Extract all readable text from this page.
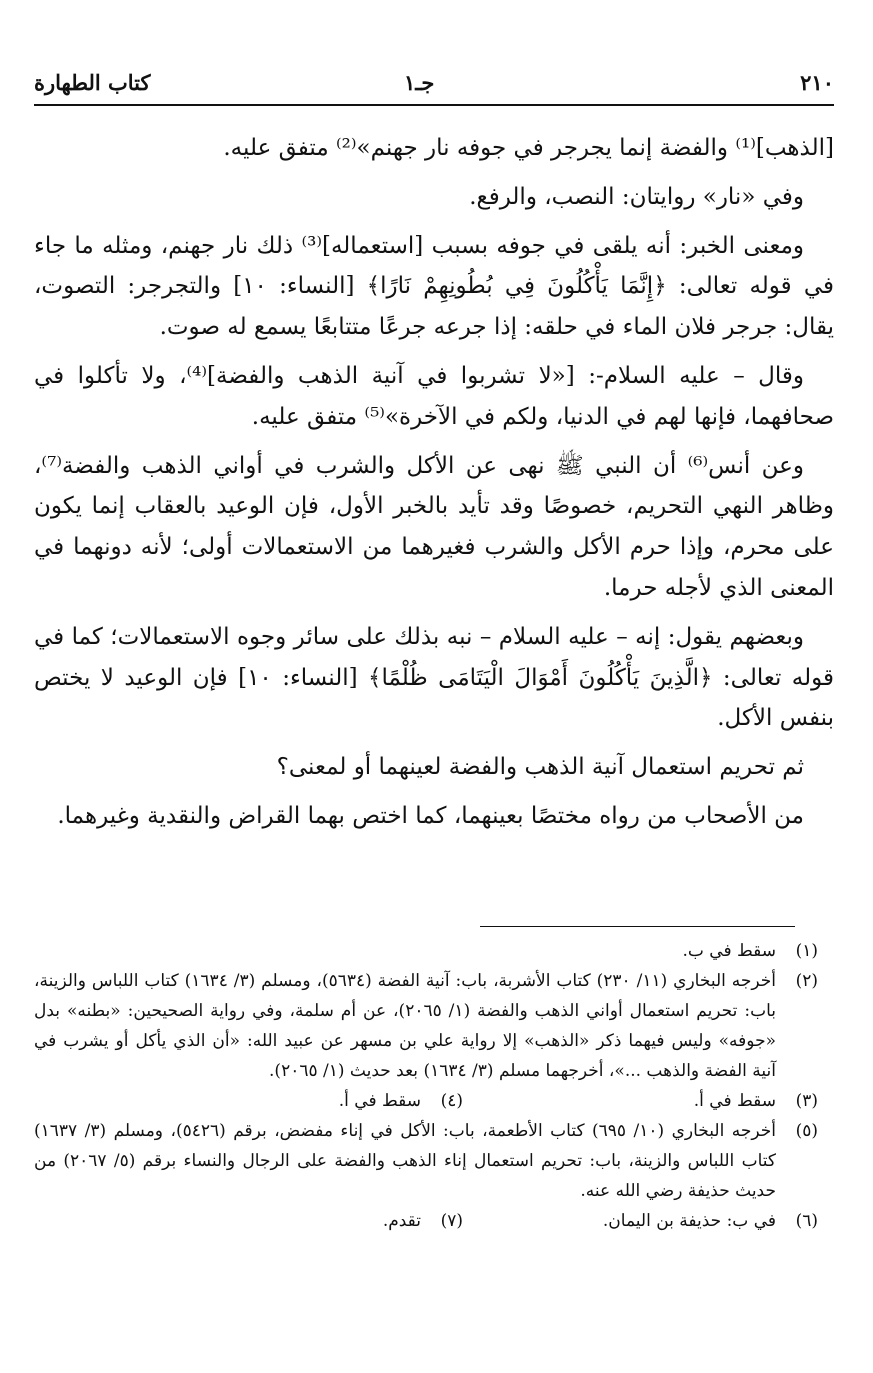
٢١٠
جـ١
كتاب الطهارة

[الذهب]⁽¹⁾ والفضة إنما يجرجر في جوفه نار جهنم»⁽²⁾ متفق عليه.

وفي «نار» روايتان: النصب، والرفع.

ومعنى الخبر: أنه يلقى في جوفه بسبب [استعماله]⁽³⁾ ذلك نار جهنم، ومثله ما جاء في قوله تعالى: ﴿إِنَّمَا يَأْكُلُونَ فِي بُطُونِهِمْ نَارًا﴾ [النساء: ١٠] والتجرجر: التصوت، يقال: جرجر فلان الماء في حلقه: إذا جرعه جرعًا متتابعًا يسمع له صوت.

وقال – عليه السلام-: [«لا تشربوا في آنية الذهب والفضة]⁽⁴⁾، ولا تأكلوا في صحافهما، فإنها لهم في الدنيا، ولكم في الآخرة»⁽⁵⁾ متفق عليه.

وعن أنس⁽⁶⁾ أن النبي ﷺ نهى عن الأكل والشرب في أواني الذهب والفضة⁽⁷⁾، وظاهر النهي التحريم، خصوصًا وقد تأيد بالخبر الأول، فإن الوعيد بالعقاب إنما يكون على محرم، وإذا حرم الأكل والشرب فغيرهما من الاستعمالات أولى؛ لأنه دونهما في المعنى الذي لأجله حرما.

وبعضهم يقول: إنه – عليه السلام – نبه بذلك على سائر وجوه الاستعمالات؛ كما في قوله تعالى: ﴿الَّذِينَ يَأْكُلُونَ أَمْوَالَ الْيَتَامَى ظُلْمًا﴾ [النساء: ١٠] فإن الوعيد لا يختص بنفس الأكل.

ثم تحريم استعمال آنية الذهب والفضة لعينهما أو لمعنى؟

من الأصحاب من رواه مختصًا بعينهما، كما اختص بهما القراض والنقدية وغيرهما.

(١)
سقط في ب.
(٢)
أخرجه البخاري (١١/ ٢٣٠) كتاب الأشربة، باب: آنية الفضة (٥٦٣٤)، ومسلم (٣/ ١٦٣٤) كتاب اللباس والزينة، باب: تحريم استعمال أواني الذهب والفضة (١/ ٢٠٦٥)، عن أم سلمة، وفي رواية الصحيحين: «بطنه» بدل «جوفه» وليس فيهما ذكر «الذهب» إلا رواية علي بن مسهر عن عبيد الله: «أن الذي يأكل أو يشرب في آنية الفضة والذهب ...»، أخرجهما مسلم (٣/ ١٦٣٤) بعد حديث (١/ ٢٠٦٥).
(٣)
سقط في أ.
(٤)
سقط في أ.
(٥)
أخرجه البخاري (١٠/ ٦٩٥) كتاب الأطعمة، باب: الأكل في إناء مفضض، برقم (٥٤٢٦)، ومسلم (٣/ ١٦٣٧) كتاب اللباس والزينة، باب: تحريم استعمال إناء الذهب والفضة على الرجال والنساء برقم (٥/ ٢٠٦٧) من حديث حذيفة رضي الله عنه.
(٦)
في ب: حذيفة بن اليمان.
(٧)
تقدم.
